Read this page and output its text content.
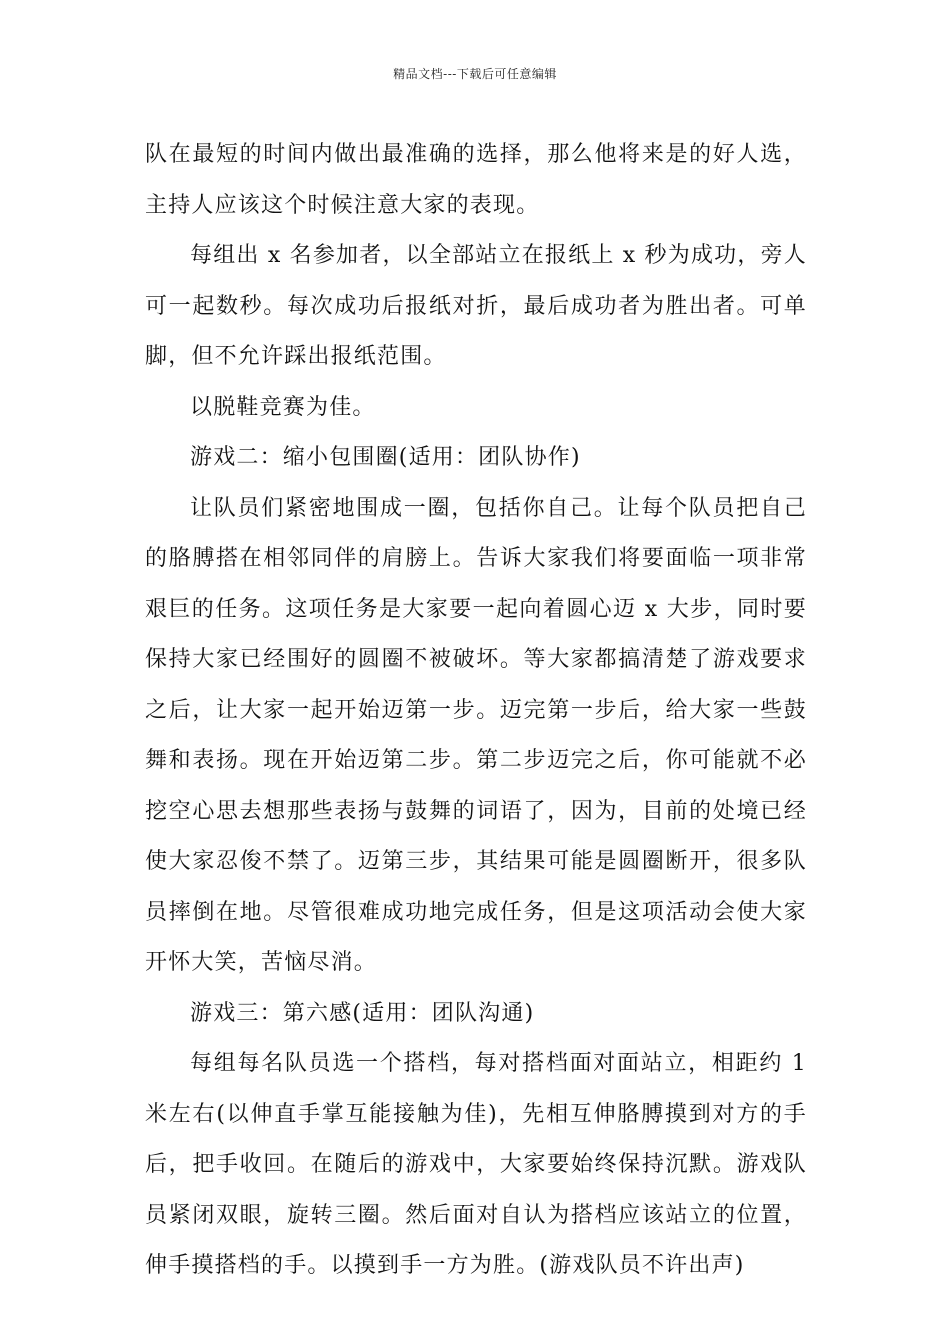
精品文档---下载后可任意编辑

队在最短的时间内做出最准确的选择，那么他将来是的好人选，主持人应该这个时候注意大家的表现。

每组出 x 名参加者，以全部站立在报纸上 x 秒为成功，旁人可一起数秒。每次成功后报纸对折，最后成功者为胜出者。可单脚，但不允许踩出报纸范围。

以脱鞋竞赛为佳。

游戏二：缩小包围圈(适用：团队协作)

让队员们紧密地围成一圈，包括你自己。让每个队员把自己的胳膊搭在相邻同伴的肩膀上。告诉大家我们将要面临一项非常艰巨的任务。这项任务是大家要一起向着圆心迈 x 大步，同时要保持大家已经围好的圆圈不被破坏。等大家都搞清楚了游戏要求之后，让大家一起开始迈第一步。迈完第一步后，给大家一些鼓舞和表扬。现在开始迈第二步。第二步迈完之后，你可能就不必挖空心思去想那些表扬与鼓舞的词语了，因为，目前的处境已经使大家忍俊不禁了。迈第三步，其结果可能是圆圈断开，很多队员摔倒在地。尽管很难成功地完成任务，但是这项活动会使大家开怀大笑，苦恼尽消。

游戏三：第六感(适用：团队沟通)

每组每名队员选一个搭档，每对搭档面对面站立，相距约 1 米左右(以伸直手掌互能接触为佳)，先相互伸胳膊摸到对方的手后，把手收回。在随后的游戏中，大家要始终保持沉默。游戏队员紧闭双眼，旋转三圈。然后面对自认为搭档应该站立的位置，伸手摸搭档的手。以摸到手一方为胜。(游戏队员不许出声)
